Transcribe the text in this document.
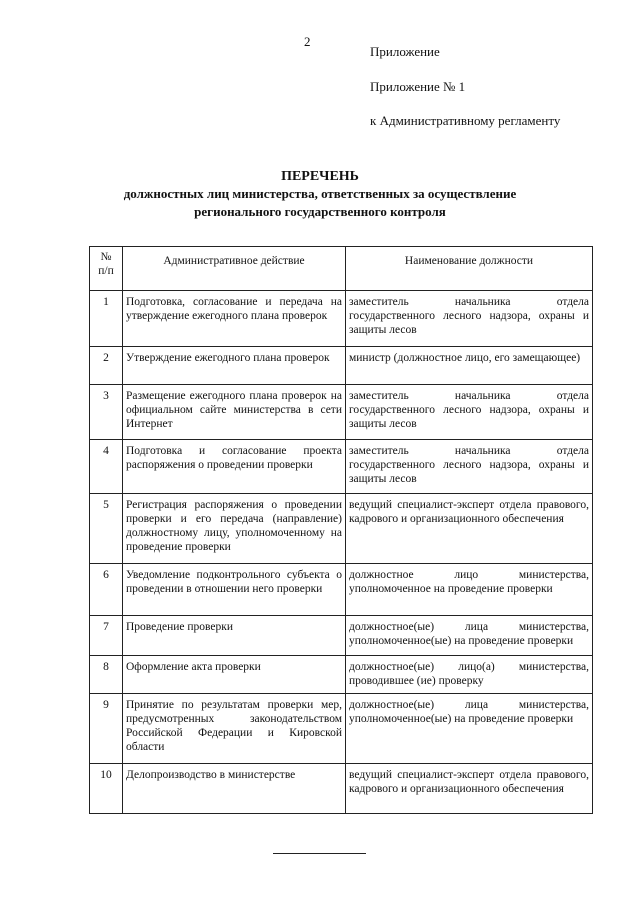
2
Приложение
Приложение № 1
к Административному регламенту
ПЕРЕЧЕНЬ
должностных лиц министерства, ответственных за осуществление
регионального государственного контроля
№
п/п	Административное действие	Наименование должности
1	Подготовка, согласование и передача на утверждение ежегодного плана проверок	заместитель начальника отдела государственного лесного надзора, охраны и защиты лесов
2	Утверждение ежегодного плана проверок	министр (должностное лицо, его замещающее)
3	Размещение ежегодного плана проверок на официальном сайте министерства в сети Интернет	заместитель начальника отдела государственного лесного надзора, охраны и защиты лесов
4	Подготовка и согласование проекта распоряжения о проведении проверки	заместитель начальника отдела государственного лесного надзора, охраны и защиты лесов
5	Регистрация распоряжения о проведении проверки и его передача (направление) должностному лицу, уполномоченному на проведение проверки	ведущий специалист-эксперт отдела правового, кадрового и организационного обеспечения
6	Уведомление подконтрольного субъекта о проведении в отношении него проверки	должностное лицо министерства, уполномоченное на проведение проверки
7	Проведение проверки	должностное(ые) лица министерства, уполномоченное(ые) на проведение проверки
8	Оформление акта проверки	должностное(ые) лицо(а) министерства, проводившее (ие) проверку
9	Принятие по результатам проверки мер, предусмотренных законодательством Российской Федерации и Кировской области	должностное(ые) лица министерства, уполномоченное(ые) на проведение проверки
10	Делопроизводство в министерстве	ведущий специалист-эксперт отдела правового, кадрового и организационного обеспечения
